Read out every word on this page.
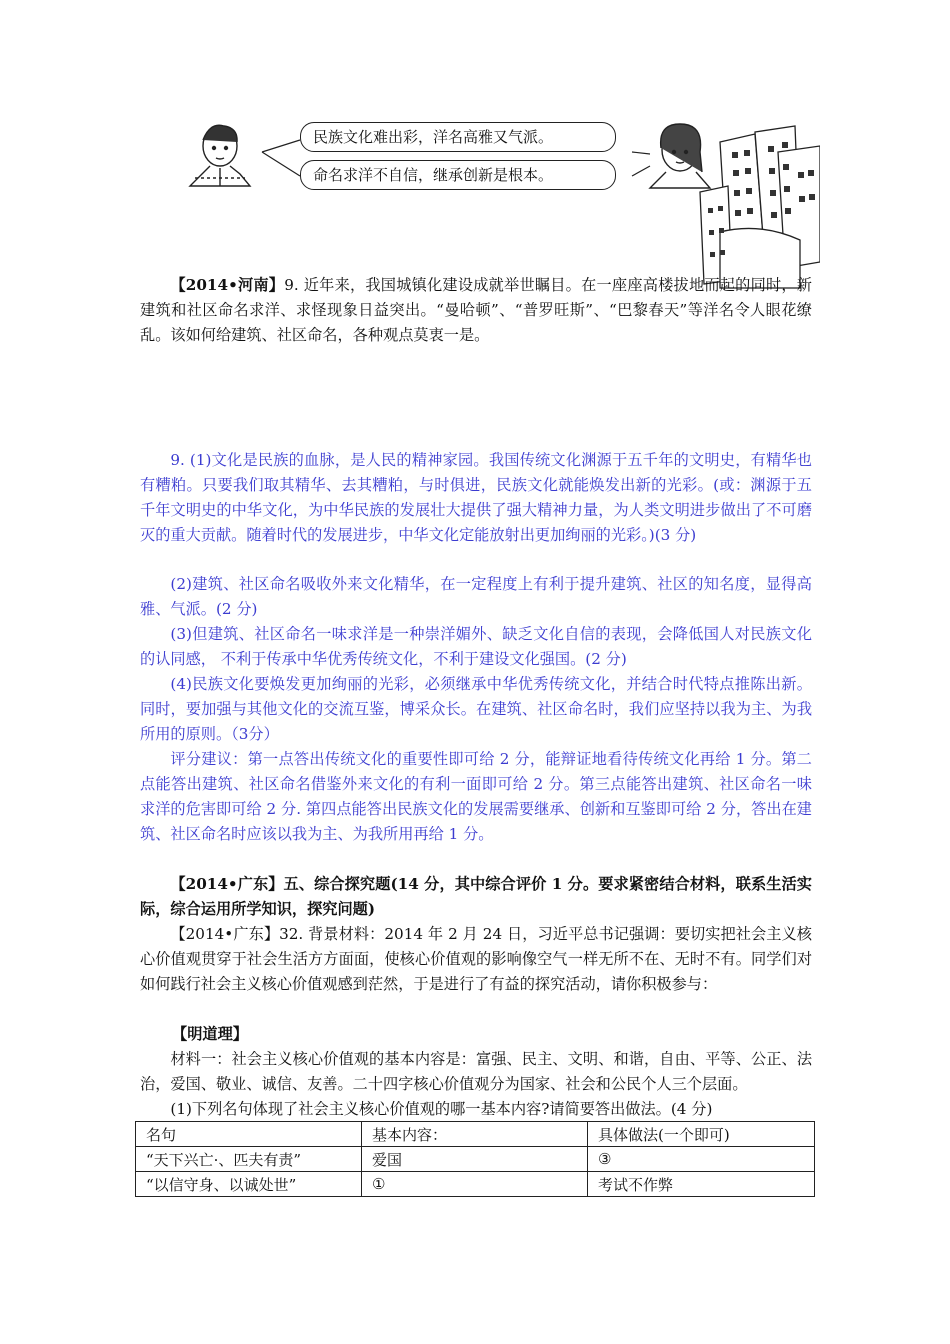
民族文化难出彩，洋名高雅又气派。
命名求洋不自信，继承创新是根本。
【2014•河南】9. 近年来，我国城镇化建设成就举世瞩目。在一座座高楼拔地而起的同时，新建筑和社区命名求洋、求怪现象日益突出。“曼哈顿”、“普罗旺斯”、“巴黎春天”等洋名令人眼花缭乱。该如何给建筑、社区命名，各种观点莫衷一是。
9. (1)文化是民族的血脉，是人民的精神家园。我国传统文化渊源于五千年的文明史，有精华也有糟粕。只要我们取其精华、去其糟粕，与时俱进，民族文化就能焕发出新的光彩。(或：渊源于五千年文明史的中华文化，为中华民族的发展壮大提供了强大精神力量，为人类文明进步做出了不可磨灭的重大贡献。随着时代的发展进步，中华文化定能放射出更加绚丽的光彩。)(3 分)
(2)建筑、社区命名吸收外来文化精华，在一定程度上有利于提升建筑、社区的知名度，显得高雅、气派。(2 分)
(3)但建筑、社区命名一味求洋是一种崇洋媚外、缺乏文化自信的表现，会降低国人对民族文化的认同感， 不利于传承中华优秀传统文化，不利于建设文化强国。(2 分)
(4)民族文化要焕发更加绚丽的光彩，必须继承中华优秀传统文化，并结合时代特点推陈出新。同时，要加强与其他文化的交流互鉴，博采众长。在建筑、社区命名时，我们应坚持以我为主、为我所用的原则。（3分）
评分建议：第一点答出传统文化的重要性即可给 2 分，能辩证地看待传统文化再给 1 分。第二点能答出建筑、社区命名借鉴外来文化的有利一面即可给 2 分。第三点能答出建筑、社区命名一味求洋的危害即可给 2 分. 第四点能答出民族文化的发展需要继承、创新和互鉴即可给 2 分，答出在建筑、社区命名时应该以我为主、为我所用再给 1 分。
【2014•广东】五、综合探究题(14 分，其中综合评价 1 分。要求紧密结合材料，联系生活实际，综合运用所学知识，探究问题)
【2014•广东】32. 背景材料：2014 年 2 月 24 日，习近平总书记强调：要切实把社会主义核心价值观贯穿于社会生活方方面面，使核心价值观的影响像空气一样无所不在、无时不有。同学们对如何践行社会主义核心价值观感到茫然，于是进行了有益的探究活动，请你积极参与：
【明道理】
材料一：社会主义核心价值观的基本内容是：富强、民主、文明、和谐，自由、平等、公正、法治，爱国、敬业、诚信、友善。二十四字核心价值观分为国家、社会和公民个人三个层面。
(1)下列名句体现了社会主义核心价值观的哪一基本内容?请简要答出做法。(4 分)
名句	基本内容：	具体做法(一个即可)
“天下兴亡·、匹夫有责”	爱国	③
“以信守身、以诚处世”	①	考试不作弊
